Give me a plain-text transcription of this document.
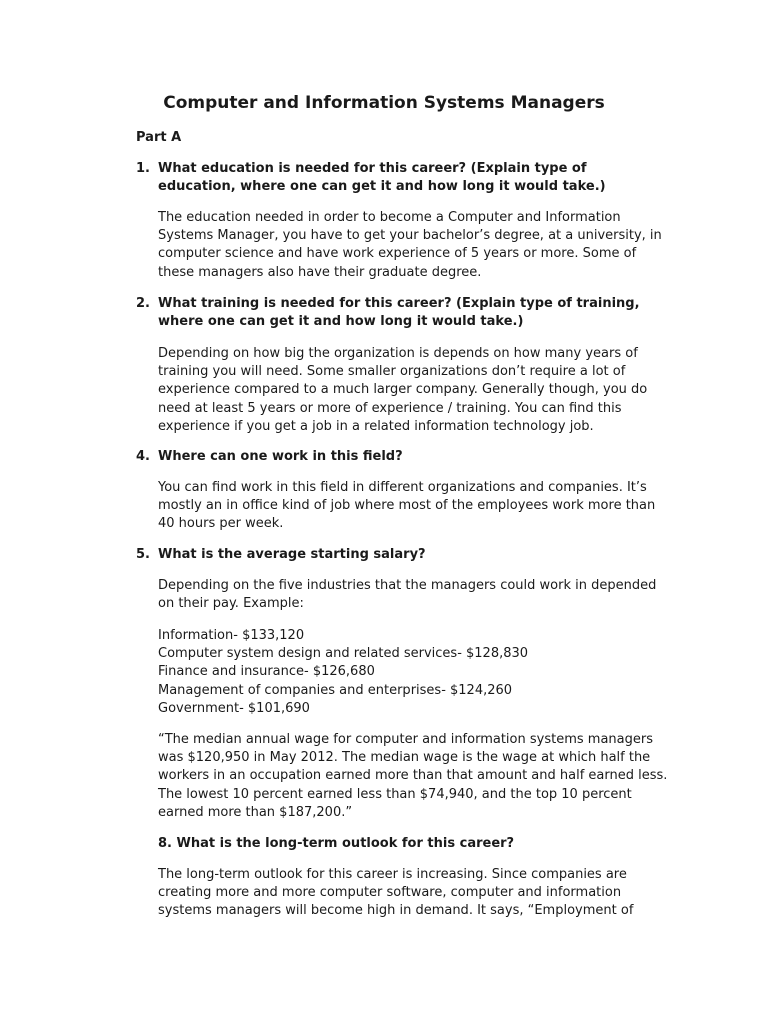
Computer and Information Systems Managers
Part A
1. What education is needed for this career? (Explain type of
education, where one can get it and how long it would take.)
The education needed in order to become a Computer and Information
Systems Manager, you have to get your bachelor’s degree, at a university, in
computer science and have work experience of 5 years or more. Some of
these managers also have their graduate degree.
2. What training is needed for this career? (Explain type of training,
where one can get it and how long it would take.)
Depending on how big the organization is depends on how many years of
training you will need. Some smaller organizations don’t require a lot of
experience compared to a much larger company. Generally though, you do
need at least 5 years or more of experience / training. You can find this
experience if you get a job in a related information technology job.
4. Where can one work in this field?
You can find work in this field in different organizations and companies. It’s
mostly an in office kind of job where most of the employees work more than
40 hours per week.
5. What is the average starting salary?
Depending on the five industries that the managers could work in depended
on their pay. Example:
Information- $133,120
Computer system design and related services- $128,830
Finance and insurance- $126,680
Management of companies and enterprises- $124,260
Government- $101,690
“The median annual wage for computer and information systems managers
was $120,950 in May 2012. The median wage is the wage at which half the
workers in an occupation earned more than that amount and half earned less.
The lowest 10 percent earned less than $74,940, and the top 10 percent
earned more than $187,200.”
8. What is the long-term outlook for this career?
The long-term outlook for this career is increasing. Since companies are
creating more and more computer software, computer and information
systems managers will become high in demand. It says, “Employment of
